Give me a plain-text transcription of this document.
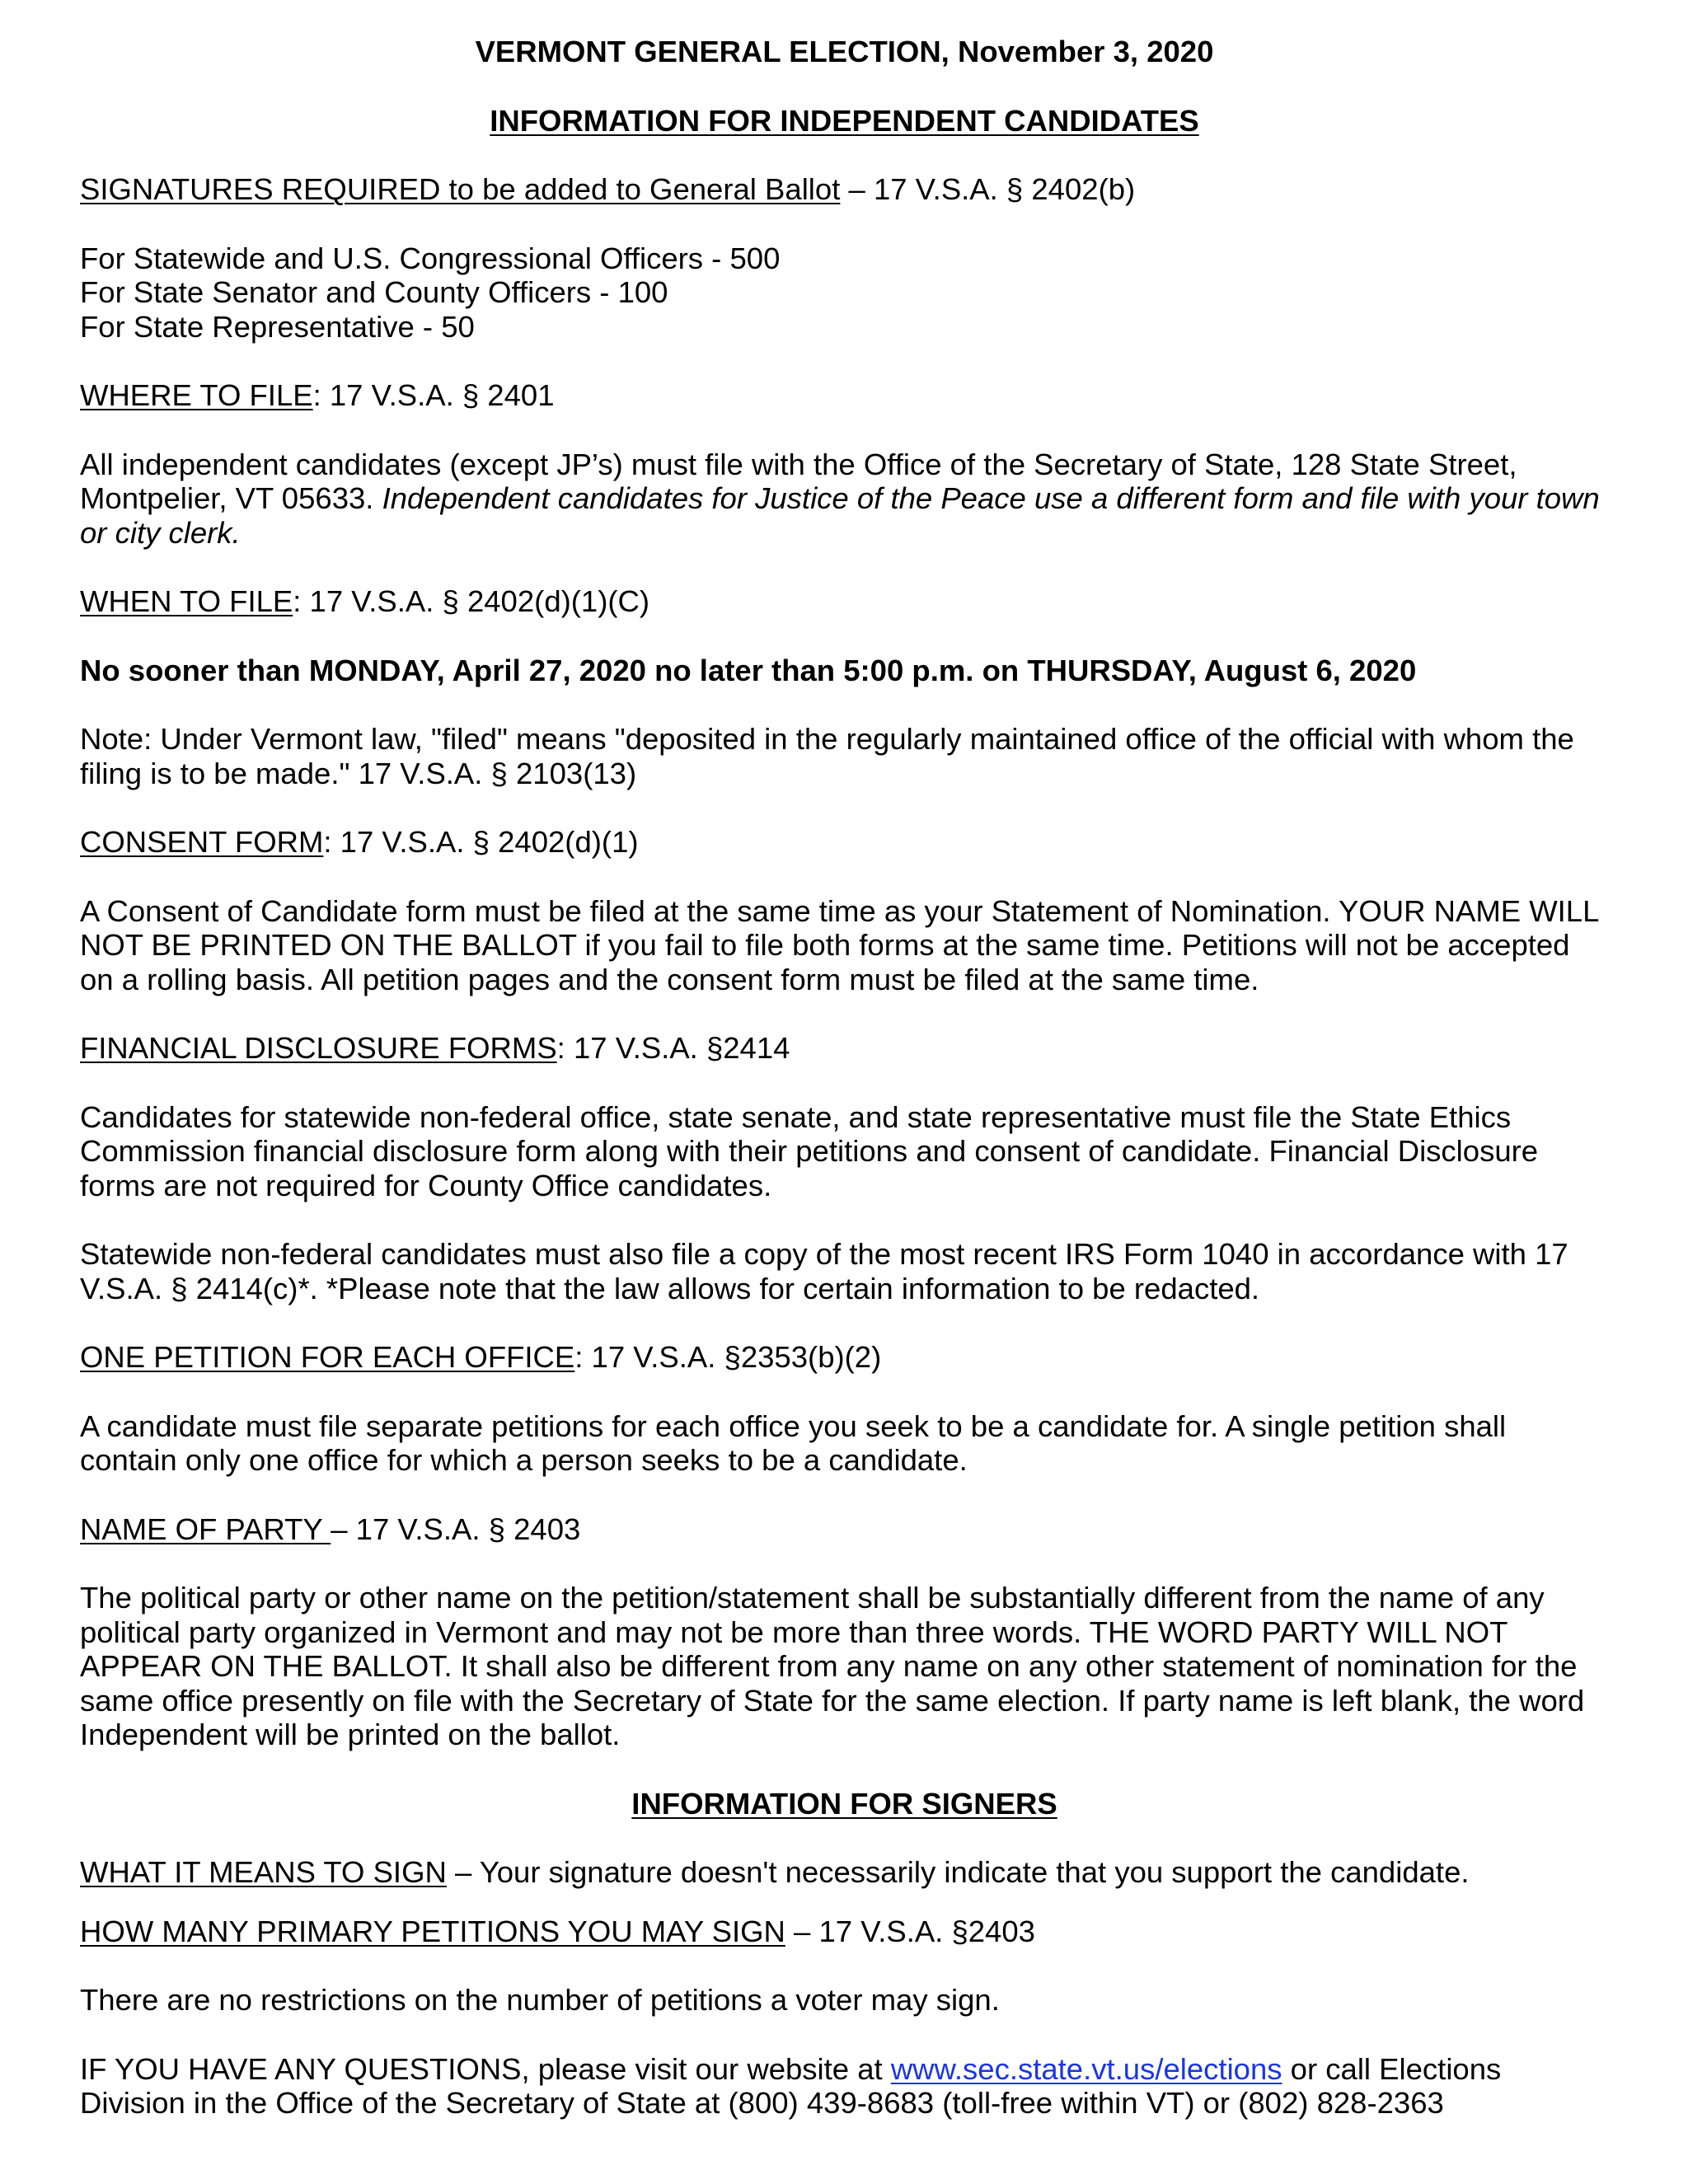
VERMONT GENERAL ELECTION, November 3, 2020

INFORMATION FOR INDEPENDENT CANDIDATES

SIGNATURES REQUIRED to be added to General Ballot – 17 V.S.A. § 2402(b)

For Statewide and U.S. Congressional Officers - 500
For State Senator and County Officers - 100
For State Representative - 50

WHERE TO FILE: 17 V.S.A. § 2401

All independent candidates (except JP’s) must file with the Office of the Secretary of State, 128 State Street, Montpelier, VT 05633. Independent candidates for Justice of the Peace use a different form and file with your town or city clerk.

WHEN TO FILE: 17 V.S.A. § 2402(d)(1)(C)

No sooner than MONDAY, April 27, 2020 no later than 5:00 p.m. on THURSDAY, August 6, 2020

Note: Under Vermont law, "filed" means "deposited in the regularly maintained office of the official with whom the filing is to be made." 17 V.S.A. § 2103(13)

CONSENT FORM: 17 V.S.A. § 2402(d)(1)

A Consent of Candidate form must be filed at the same time as your Statement of Nomination. YOUR NAME WILL NOT BE PRINTED ON THE BALLOT if you fail to file both forms at the same time. Petitions will not be accepted on a rolling basis. All petition pages and the consent form must be filed at the same time.

FINANCIAL DISCLOSURE FORMS: 17 V.S.A. §2414

Candidates for statewide non-federal office, state senate, and state representative must file the State Ethics Commission financial disclosure form along with their petitions and consent of candidate. Financial Disclosure forms are not required for County Office candidates.

Statewide non-federal candidates must also file a copy of the most recent IRS Form 1040 in accordance with 17 V.S.A. § 2414(c)*. *Please note that the law allows for certain information to be redacted.

ONE PETITION FOR EACH OFFICE: 17 V.S.A. §2353(b)(2)

A candidate must file separate petitions for each office you seek to be a candidate for. A single petition shall contain only one office for which a person seeks to be a candidate.

NAME OF PARTY – 17 V.S.A. § 2403

The political party or other name on the petition/statement shall be substantially different from the name of any political party organized in Vermont and may not be more than three words. THE WORD PARTY WILL NOT APPEAR ON THE BALLOT. It shall also be different from any name on any other statement of nomination for the same office presently on file with the Secretary of State for the same election. If party name is left blank, the word Independent will be printed on the ballot.

INFORMATION FOR SIGNERS

WHAT IT MEANS TO SIGN – Your signature doesn't necessarily indicate that you support the candidate.

HOW MANY PRIMARY PETITIONS YOU MAY SIGN – 17 V.S.A. §2403

There are no restrictions on the number of petitions a voter may sign.

IF YOU HAVE ANY QUESTIONS, please visit our website at www.sec.state.vt.us/elections or call Elections Division in the Office of the Secretary of State at (800) 439-8683 (toll-free within VT) or (802) 828-2363
